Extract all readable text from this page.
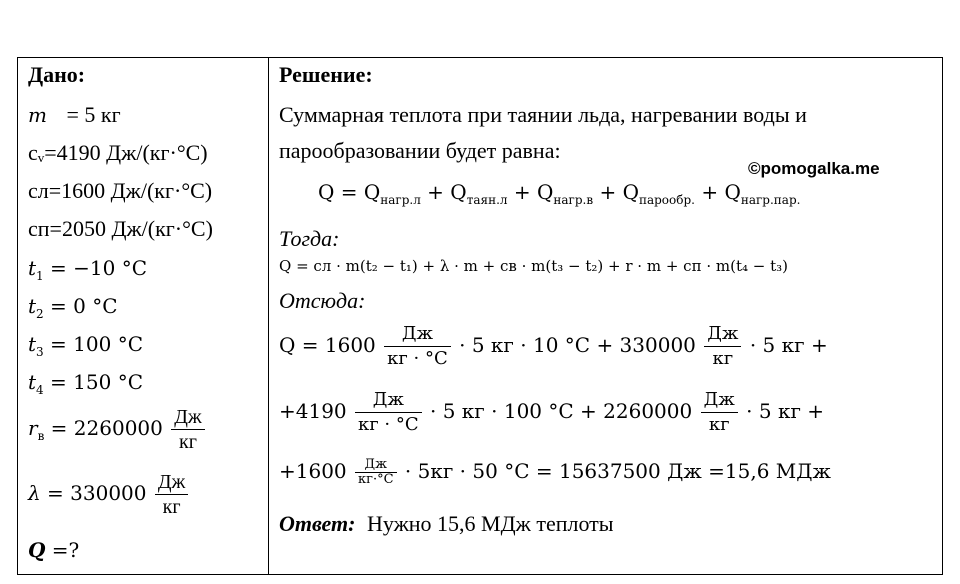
Дано:
m = 5 кг
сᵥ=4190 Дж/(кг·°С)
сл=1600 Дж/(кг·°С)
сп=2050 Дж/(кг·°С)
$t_1 = -10$ °C
$t_2 = 0$ °C
$t_3 = 100$ °C
$t_4 = 150$ °C
$r_в = 2260000 \frac{Дж}{кг}$
$\lambda = 330000 \frac{Дж}{кг}$
Q =?
Решение:
Суммарная теплота при таянии льда, нагревании воды и
парообразовании будет равна:
©pomogalka.me
$Q = Q_{нагр.л} + Q_{таян.л} + Q_{нагр.в} + Q_{парообр.} + Q_{нагр.пар.}$
Тогда:
Q = сл · m(t₂ − t₁) + λ · m + св · m(t₃ − t₂) + r · m + сп · m(t₄ − t₃)
Отсюда:
$Q = 1600 \frac{Дж}{кг \cdot ^\circ С} \cdot 5$ кг · 10 $^\circ C + 330000 \frac{Дж}{кг} \cdot 5$ кг +
$+4190 \frac{Дж}{кг \cdot ^\circ С} \cdot 5$ кг · 100 $^\circ C + 2260000 \frac{Дж}{кг} \cdot 5$ кг +
$+1600 \frac{Дж}{кг\cdot^\circ С} \cdot 5кг \cdot 50$ °C = 15637500 Дж =15,6 МДж
Ответ: Нужно 15,6 МДж теплоты
